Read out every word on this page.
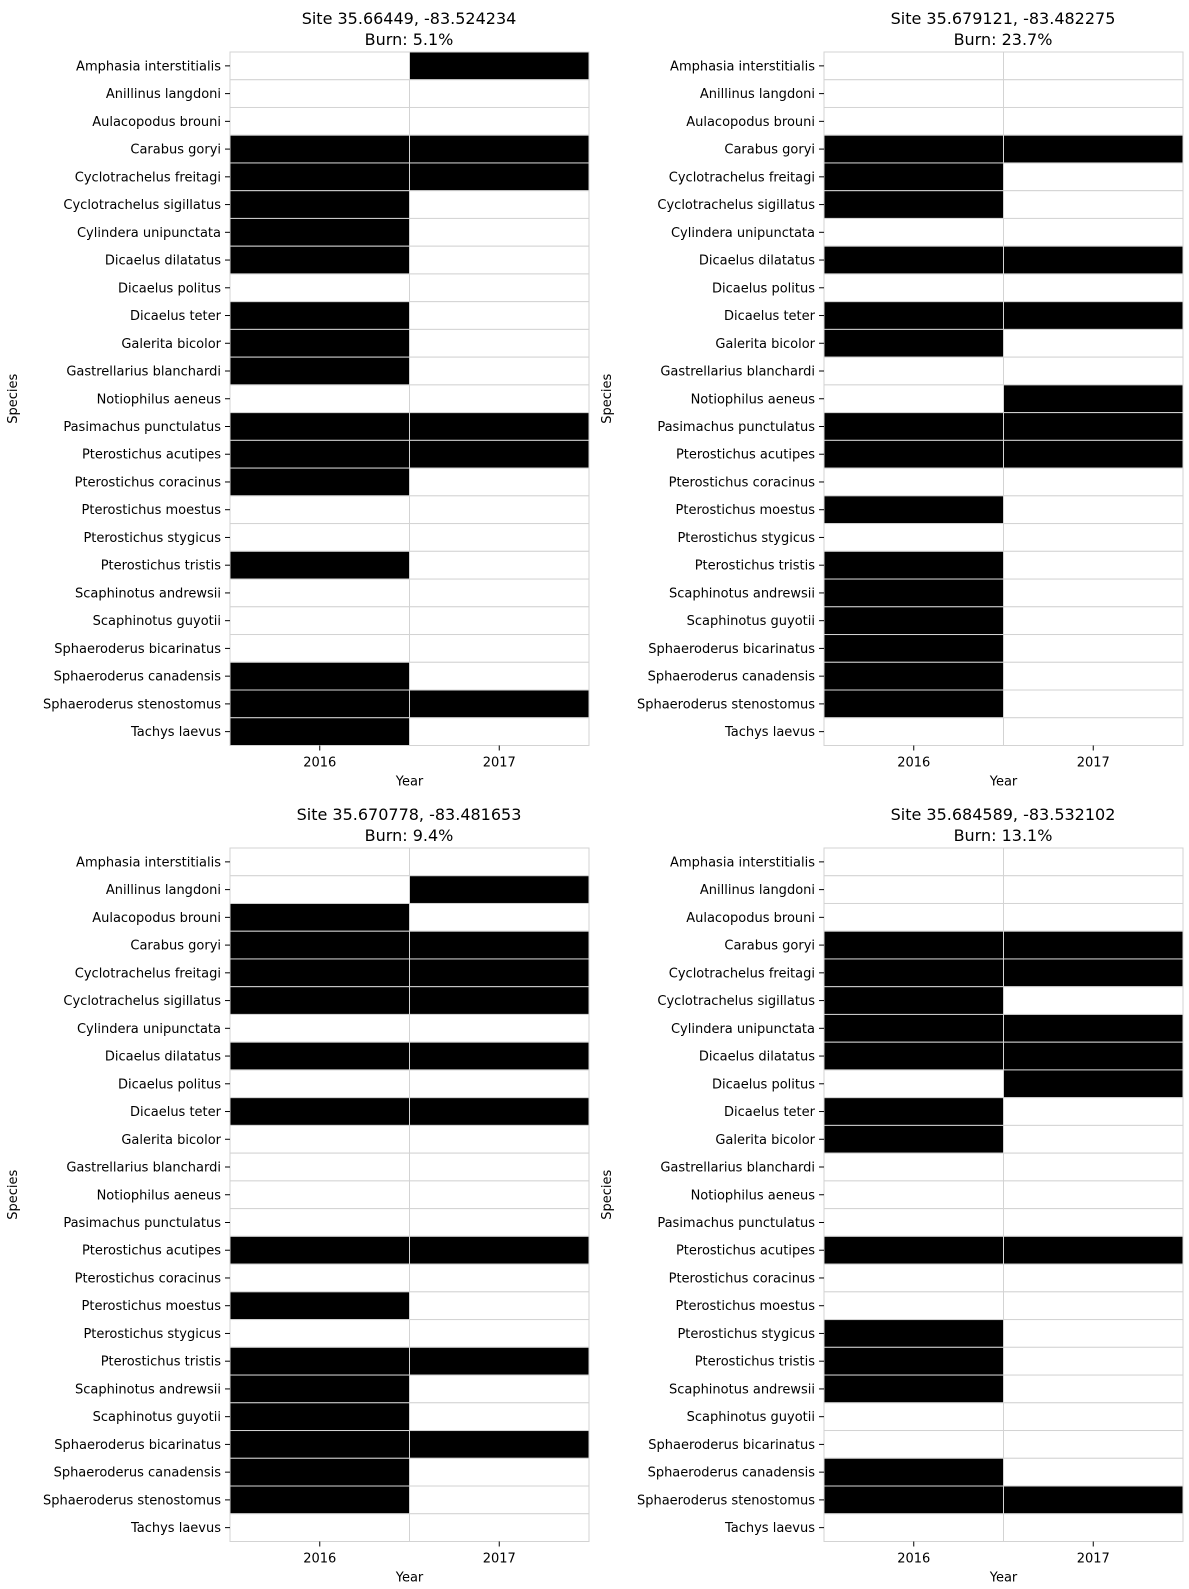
Site 35.66449, -83.524234
Burn: 5.1%
Amphasia interstitialis
Anillinus langdoni
Aulacopodus brouni
Carabus goryi
Cyclotrachelus freitagi
Cyclotrachelus sigillatus
Cylindera unipunctata
Dicaelus dilatatus
Dicaelus politus
Dicaelus teter
Galerita bicolor
Gastrellarius blanchardi
Notiophilus aeneus
Pasimachus punctulatus
Pterostichus acutipes
Pterostichus coracinus
Pterostichus moestus
Pterostichus stygicus
Pterostichus tristis
Scaphinotus andrewsii
Scaphinotus guyotii
Sphaeroderus bicarinatus
Sphaeroderus canadensis
Sphaeroderus stenostomus
Tachys laevus
2016	2017
Year
Species
Site 35.679121, -83.482275
Burn: 23.7%
Amphasia interstitialis
Anillinus langdoni
Aulacopodus brouni
Carabus goryi
Cyclotrachelus freitagi
Cyclotrachelus sigillatus
Cylindera unipunctata
Dicaelus dilatatus
Dicaelus politus
Dicaelus teter
Galerita bicolor
Gastrellarius blanchardi
Notiophilus aeneus
Pasimachus punctulatus
Pterostichus acutipes
Pterostichus coracinus
Pterostichus moestus
Pterostichus stygicus
Pterostichus tristis
Scaphinotus andrewsii
Scaphinotus guyotii
Sphaeroderus bicarinatus
Sphaeroderus canadensis
Sphaeroderus stenostomus
Tachys laevus
2016	2017
Year
Species
Site 35.670778, -83.481653
Burn: 9.4%
Amphasia interstitialis
Anillinus langdoni
Aulacopodus brouni
Carabus goryi
Cyclotrachelus freitagi
Cyclotrachelus sigillatus
Cylindera unipunctata
Dicaelus dilatatus
Dicaelus politus
Dicaelus teter
Galerita bicolor
Gastrellarius blanchardi
Notiophilus aeneus
Pasimachus punctulatus
Pterostichus acutipes
Pterostichus coracinus
Pterostichus moestus
Pterostichus stygicus
Pterostichus tristis
Scaphinotus andrewsii
Scaphinotus guyotii
Sphaeroderus bicarinatus
Sphaeroderus canadensis
Sphaeroderus stenostomus
Tachys laevus
2016	2017
Year
Species
Site 35.684589, -83.532102
Burn: 13.1%
Amphasia interstitialis
Anillinus langdoni
Aulacopodus brouni
Carabus goryi
Cyclotrachelus freitagi
Cyclotrachelus sigillatus
Cylindera unipunctata
Dicaelus dilatatus
Dicaelus politus
Dicaelus teter
Galerita bicolor
Gastrellarius blanchardi
Notiophilus aeneus
Pasimachus punctulatus
Pterostichus acutipes
Pterostichus coracinus
Pterostichus moestus
Pterostichus stygicus
Pterostichus tristis
Scaphinotus andrewsii
Scaphinotus guyotii
Sphaeroderus bicarinatus
Sphaeroderus canadensis
Sphaeroderus stenostomus
Tachys laevus
2016	2017
Year
Species
